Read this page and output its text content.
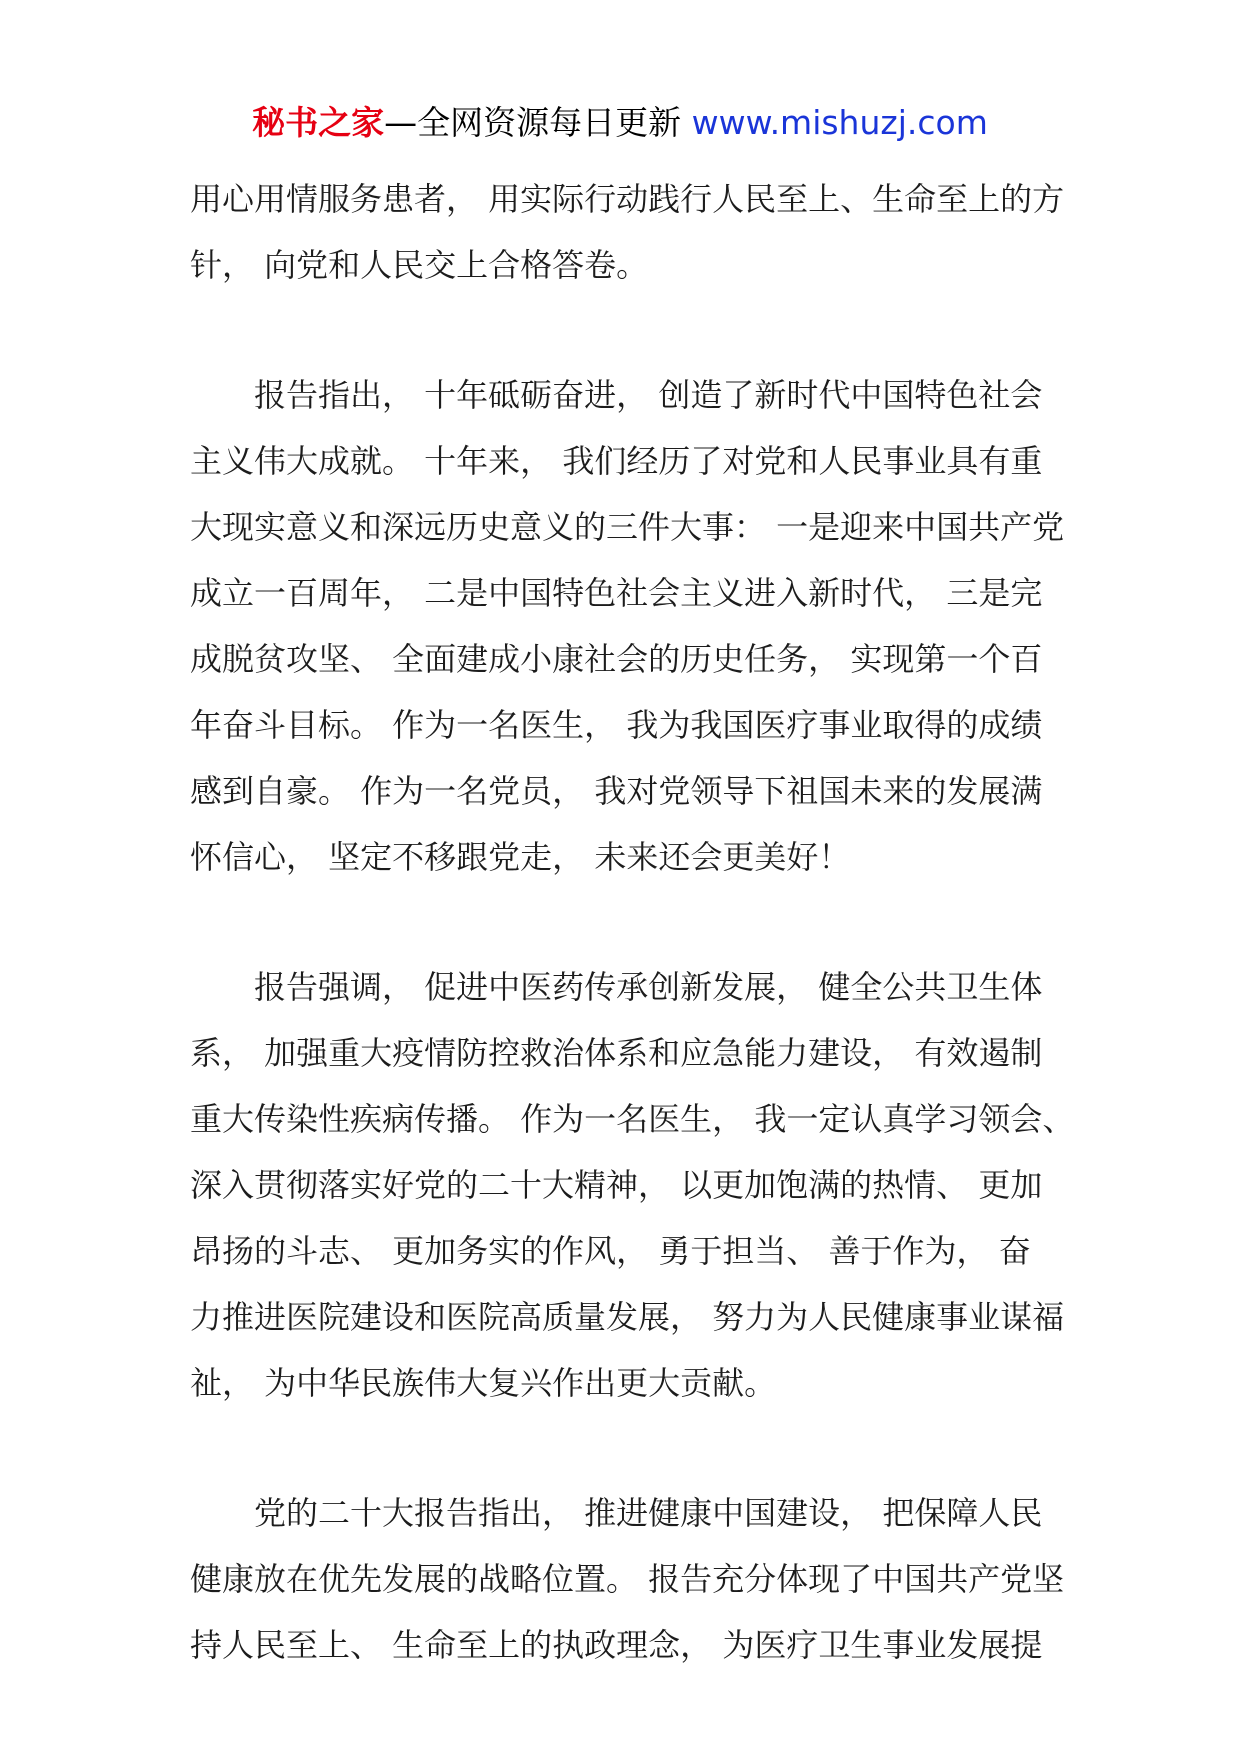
秘书之家—全网资源每日更新 www.mishuzj.com
用心用情服务患者， 用实际行动践行人民至上、生命至上的方
针， 向党和人民交上合格答卷。
　　报告指出， 十年砥砺奋进， 创造了新时代中国特色社会
主义伟大成就。 十年来， 我们经历了对党和人民事业具有重
大现实意义和深远历史意义的三件大事： 一是迎来中国共产党
成立一百周年， 二是中国特色社会主义进入新时代， 三是完
成脱贫攻坚、 全面建成小康社会的历史任务， 实现第一个百
年奋斗目标。 作为一名医生， 我为我国医疗事业取得的成绩
感到自豪。 作为一名党员， 我对党领导下祖国未来的发展满
怀信心， 坚定不移跟党走， 未来还会更美好！
　　报告强调， 促进中医药传承创新发展， 健全公共卫生体
系， 加强重大疫情防控救治体系和应急能力建设， 有效遏制
重大传染性疾病传播。 作为一名医生， 我一定认真学习领会、
深入贯彻落实好党的二十大精神， 以更加饱满的热情、 更加
昂扬的斗志、 更加务实的作风， 勇于担当、 善于作为， 奋
力推进医院建设和医院高质量发展， 努力为人民健康事业谋福
祉， 为中华民族伟大复兴作出更大贡献。
　　党的二十大报告指出， 推进健康中国建设， 把保障人民
健康放在优先发展的战略位置。 报告充分体现了中国共产党坚
持人民至上、 生命至上的执政理念， 为医疗卫生事业发展提
